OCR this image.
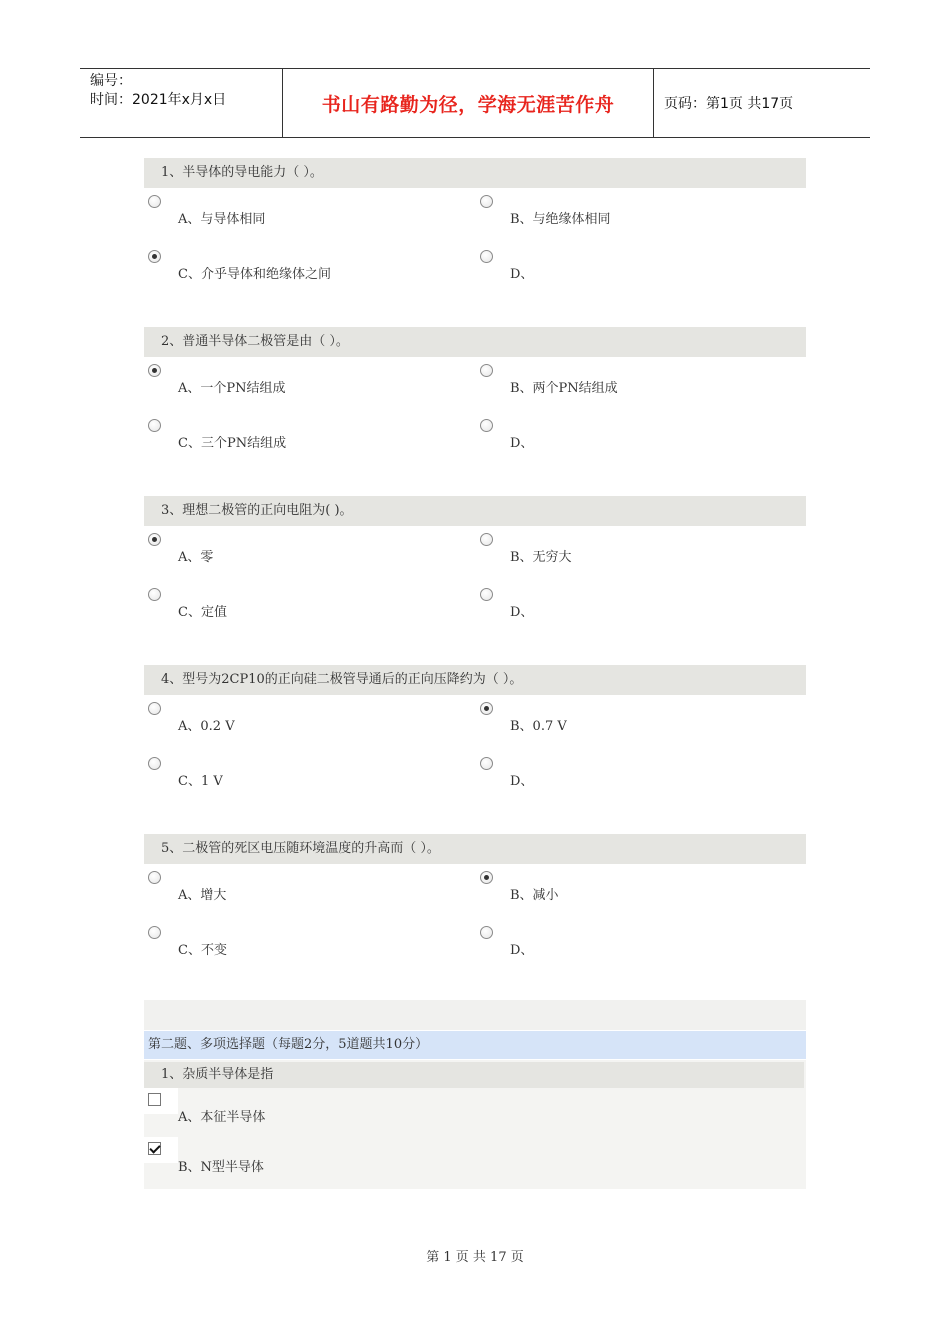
编号：
时间：2021年x月x日	书山有路勤为径，学海无涯苦作舟	页码：第1页 共17页
1、半导体的导电能力（ ）。
A、与导体相同	B、与绝缘体相同
C、介乎导体和绝缘体之间	D、
2、普通半导体二极管是由（ ）。
A、一个PN结组成	B、两个PN结组成
C、三个PN结组成	D、
3、理想二极管的正向电阻为( )。
A、零	B、无穷大
C、定值	D、
4、型号为2CP10的正向硅二极管导通后的正向压降约为（ ）。
A、0.2 V	B、0.7 V
C、1 V	D、
5、二极管的死区电压随环境温度的升高而（ ）。
A、增大	B、减小
C、不变	D、
第二题、多项选择题（每题2分，5道题共10分）
1、杂质半导体是指
A、本征半导体
B、N型半导体
第 1 页 共 17 页
